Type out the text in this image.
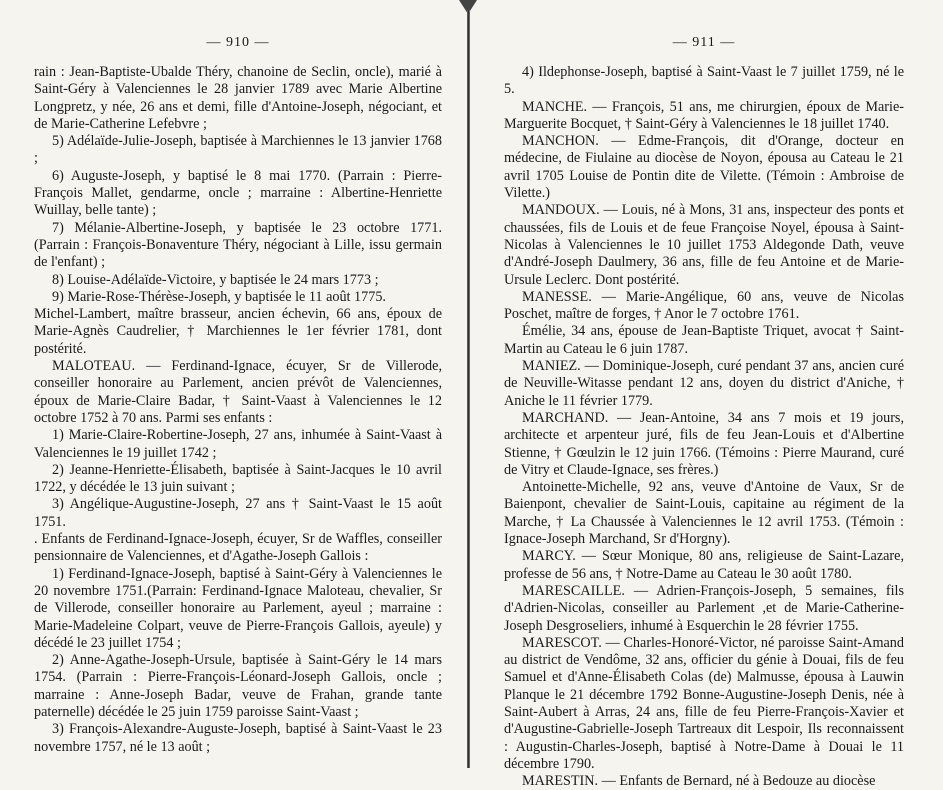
— 910 —

rain : Jean-Baptiste-Ubalde Théry, chanoine de Seclin, oncle), marié à Saint-Géry à Valenciennes le 28 janvier 1789 avec Marie Albertine Longpretz, y née, 26 ans et demi, fille d'Antoine-Joseph, négociant, et de Marie-Catherine Lefebvre ;

5) Adélaïde-Julie-Joseph, baptisée à Marchiennes le 13 janvier 1768 ;

6) Auguste-Joseph, y baptisé le 8 mai 1770. (Parrain : Pierre-François Mallet, gendarme, oncle ; marraine : Albertine-Henriette Wuillay, belle tante) ;

7) Mélanie-Albertine-Joseph, y baptisée le 23 octobre 1771. (Parrain : François-Bonaventure Théry, négociant à Lille, issu germain de l'enfant) ;

8) Louise-Adélaïde-Victoire, y baptisée le 24 mars 1773 ;

9) Marie-Rose-Thérèse-Joseph, y baptisée le 11 août 1775.

Michel-Lambert, maître brasseur, ancien échevin, 66 ans, époux de Marie-Agnès Caudrelier, † Marchiennes le 1er février 1781, dont postérité.

MALOTEAU. — Ferdinand-Ignace, écuyer, Sr de Villerode, conseiller honoraire au Parlement, ancien prévôt de Valenciennes, époux de Marie-Claire Badar, † Saint-Vaast à Valenciennes le 12 octobre 1752 à 70 ans. Parmi ses enfants :

1) Marie-Claire-Robertine-Joseph, 27 ans, inhumée à Saint-Vaast à Valenciennes le 19 juillet 1742 ;

2) Jeanne-Henriette-Élisabeth, baptisée à Saint-Jacques le 10 avril 1722, y décédée le 13 juin suivant ;

3) Angélique-Augustine-Joseph, 27 ans † Saint-Vaast le 15 août 1751.

. Enfants de Ferdinand-Ignace-Joseph, écuyer, Sr de Waffles, conseiller pensionnaire de Valenciennes, et d'Agathe-Joseph Gallois :

1) Ferdinand-Ignace-Joseph, baptisé à Saint-Géry à Valenciennes le 20 novembre 1751.(Parrain: Ferdinand-Ignace Maloteau, chevalier, Sr de Villerode, conseiller honoraire au Parlement, ayeul ; marraine : Marie-Madeleine Colpart, veuve de Pierre-François Gallois, ayeule) y décédé le 23 juillet 1754 ;

2) Anne-Agathe-Joseph-Ursule, baptisée à Saint-Géry le 14 mars 1754. (Parrain : Pierre-François-Léonard-Joseph Gallois, oncle ; marraine : Anne-Joseph Badar, veuve de Frahan, grande tante paternelle) décédée le 25 juin 1759 paroisse Saint-Vaast ;

3) François-Alexandre-Auguste-Joseph, baptisé à Saint-Vaast le 23 novembre 1757, né le 13 août ;

— 911 —

4) Ildephonse-Joseph, baptisé à Saint-Vaast le 7 juillet 1759, né le 5.

MANCHE. — François, 51 ans, me chirurgien, époux de Marie-Marguerite Bocquet, † Saint-Géry à Valenciennes le 18 juillet 1740.

MANCHON. — Edme-François, dit d'Orange, docteur en médecine, de Fiulaine au diocèse de Noyon, épousa au Cateau le 21 avril 1705 Louise de Pontin dite de Vilette. (Témoin : Ambroise de Vilette.)

MANDOUX. — Louis, né à Mons, 31 ans, inspecteur des ponts et chaussées, fils de Louis et de feue Françoise Noyel, épousa à Saint-Nicolas à Valenciennes le 10 juillet 1753 Aldegonde Dath, veuve d'André-Joseph Daulmery, 36 ans, fille de feu Antoine et de Marie-Ursule Leclerc. Dont postérité.

MANESSE. — Marie-Angélique, 60 ans, veuve de Nicolas Poschet, maître de forges, † Anor le 7 octobre 1761.

Émélie, 34 ans, épouse de Jean-Baptiste Triquet, avocat † Saint-Martin au Cateau le 6 juin 1787.

MANIEZ. — Dominique-Joseph, curé pendant 37 ans, ancien curé de Neuville-Witasse pendant 12 ans, doyen du district d'Aniche, † Aniche le 11 février 1779.

MARCHAND. — Jean-Antoine, 34 ans 7 mois et 19 jours, architecte et arpenteur juré, fils de feu Jean-Louis et d'Albertine Stienne, † Gœulzin le 12 juin 1766. (Témoins : Pierre Maurand, curé de Vitry et Claude-Ignace, ses frères.)

Antoinette-Michelle, 92 ans, veuve d'Antoine de Vaux, Sr de Baienpont, chevalier de Saint-Louis, capitaine au régiment de la Marche, † La Chaussée à Valenciennes le 12 avril 1753. (Témoin : Ignace-Joseph Marchand, Sr d'Horgny).

MARCY. — Sœur Monique, 80 ans, religieuse de Saint-Lazare, professe de 56 ans, † Notre-Dame au Cateau le 30 août 1780.

MARESCAILLE. — Adrien-François-Joseph, 5 semaines, fils d'Adrien-Nicolas, conseiller au Parlement ,et de Marie-Catherine-Joseph Desgroseliers, inhumé à Esquerchin le 28 février 1755.

MARESCOT. — Charles-Honoré-Victor, né paroisse Saint-Amand au district de Vendôme, 32 ans, officier du génie à Douai, fils de feu Samuel et d'Anne-Élisabeth Colas (de) Malmusse, épousa à Lauwin Planque le 21 décembre 1792 Bonne-Augustine-Joseph Denis, née à Saint-Aubert à Arras, 24 ans, fille de feu Pierre-François-Xavier et d'Augustine-Gabrielle-Joseph Tartreaux dit Lespoir, Ils reconnaissent : Augustin-Charles-Joseph, baptisé à Notre-Dame à Douai le 11 décembre 1790.

MARESTIN. — Enfants de Bernard, né à Bedouze au diocèse
